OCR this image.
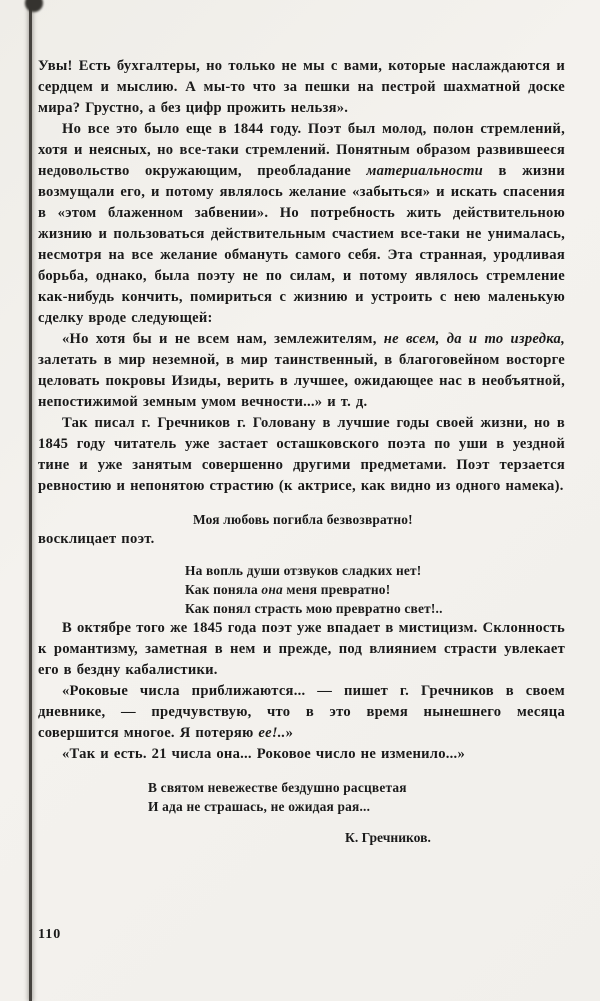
Увы! Есть бухгалтеры, но только не мы с вами, которые наслаждаются и сердцем и мыслию. А мы-то что за пешки на пестрой шахматной доске мира? Грустно, а без цифр прожить нельзя».

Но все это было еще в 1844 году. Поэт был молод, полон стремлений, хотя и неясных, но все-таки стремлений. Понятным образом развившееся недовольство окружающим, преобладание материальности в жизни возмущали его, и потому являлось желание «забыться» и искать спасения в «этом блаженном забвении». Но потребность жить действительною жизнию и пользоваться действительным счастием все-таки не унималась, несмотря на все желание обмануть самого себя. Эта странная, уродливая борьба, однако, была поэту не по силам, и потому являлось стремление как-нибудь кончить, помириться с жизнию и устроить с нею маленькую сделку вроде следующей:

«Но хотя бы и не всем нам, землежителям, не всем, да и то изредка, залетать в мир неземной, в мир таинственный, в благоговейном восторге целовать покровы Изиды, верить в лучшее, ожидающее нас в необъятной, непостижимой земным умом вечности...» и т. д.

Так писал г. Гречников г. Головану в лучшие годы своей жизни, но в 1845 году читатель уже застает осташковского поэта по уши в уездной тине и уже занятым совершенно другими предметами. Поэт терзается ревностию и непонятою страстию (к актрисе, как видно из одного намека).

Моя любовь погибла безвозвратно!

восклицает поэт.

На вопль души отзвуков сладких нет!

Как поняла она меня превратно!

Как понял страсть мою превратно свет!..

В октябре того же 1845 года поэт уже впадает в мистицизм. Склонность к романтизму, заметная в нем и прежде, под влиянием страсти увлекает его в бездну кабалистики.

«Роковые числа приближаются... — пишет г. Гречников в своем дневнике, — предчувствую, что в это время нынешнего месяца совершится многое. Я потеряю ее!..»

«Так и есть. 21 числа она... Роковое число не изменило...»

В святом невежестве бездушно расцветая

И ада не страшась, не ожидая рая...

К. Гречников.

110
